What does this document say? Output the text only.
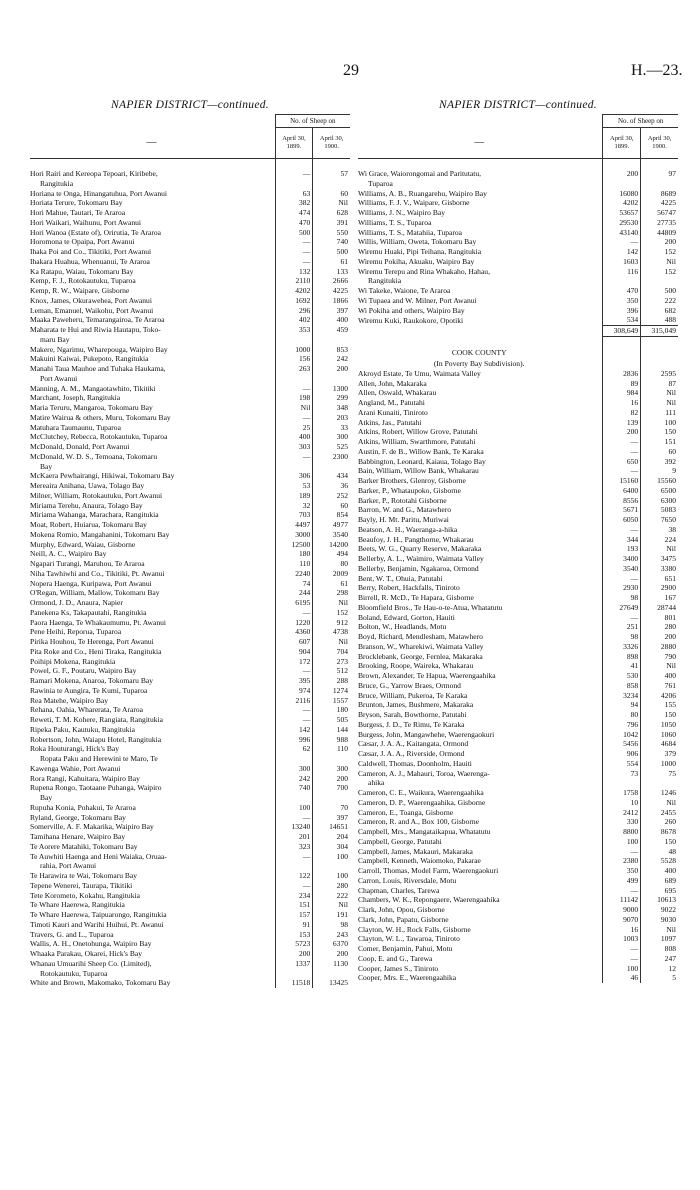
29	H.—23.
NAPIER DISTRICT—continued.
	No. of Sheep on	
—	April 30, 1899.	April 30, 1900.

Hori Rairi and Kereopa Tepoari, Kiribebe,	—	57
Rangitukia		
Horiana te Onga, Hinangatuhua, Port Awanui	63	60
Horiata Terure, Tokomaru Bay	382	Nil
Hori Mahue, Tautari, Te Araroa	474	628
Hori Waikari, Waihunu, Port Awanui	470	391
Hori Wanoa (Estate of), Orirutia, Te Araroa	500	550
Horomona te Opaipa, Port Awanui	—	740
Ihaka Poi and Co., Tikitiki, Port Awanui	—	500
Ihakara Huahua, Whenuanui, Te Araroa	—	61
Ka Ratapu, Waiau, Tokomaru Bay	132	133
Kemp, F. J., Rotokautuku, Tuparoa	2110	2666
Kemp, R. W., Waipare, Gisborne	4202	4225
Knox, James, Okurawehea, Port Awanui	1692	1866
Leman, Emanuel, Waikohu, Port Awanui	296	397
Maaka Paweheru, Temarangairoa, Te Araroa	402	400
Maharata te Hui and Riwia Hautapu, Toko-	353	459
maru Bay		
Makere, Ngarimu, Wharepouga, Waipiro Bay	1000	853
Makuini Kaiwai, Pukepoto, Rangitukia	156	242
Manahi Taua Mauhoe and Tuhaka Haukama,	263	200
Port Awanui		
Manning, A. M., Mangaotawhito, Tikitiki	—	1300
Marchant, Joseph, Rangitukia	198	299
Maria Teruru, Mangaroa, Tokomaru Bay	Nil	348
Matire Wairua & others, Muru, Tokomaru Bay	—	203
Matuhara Taumaunu, Tuparoa	25	33
McClutchey, Rebecca, Rotokautuku, Tuparoa	400	300
McDonald, Donald, Port Awanui	303	525
McDonald, W. D. S., Temoana, Tokomaru	—	2300
Bay		
McKaera Pewhairangi, Hikiwai, Tokomaru Bay	306	434
Mereaira Anihana, Uawa, Tolago Bay	53	36
Milner, William, Rotokautuku, Port Awanui	189	252
Miriama Terehu, Anaura, Tolago Bay	32	60
Miriama Wahanga, Marachara, Rangitukia	703	854
Moat, Robert, Huiarua, Tokomaru Bay	4497	4977
Mokena Romio, Mangahanini, Tokomaru Bay	3000	3540
Murphy, Edward, Waiau, Gisborne	12500	14200
Neill, A. C., Waipiro Bay	180	494
Ngapari Turangi, Maruhou, Te Araroa	110	80
Niha Tawhiwhi and Co., Tikitiki, Pt. Awanui	2240	2009
Nopera Haenga, Kuripawa, Port Awanui	74	61
O'Regan, William, Mallow, Tokomaru Bay	244	298
Ormond, J. D., Anaura, Napier	6195	Nil
Panekena Ks, Takapautahi, Rangitukia	—	152
Paora Haenga, Te Whakaumumu, Pt. Awanui	1220	912
Pene Heihi, Reporua, Tuparoa	4360	4738
Pirika Houhou, Te Herenga, Port Awanui	607	Nil
Pita Roke and Co., Heni Tiraka, Rangitukia	904	704
Poihipi Mokena, Rangitukia	172	273
Powel, G. F., Poutaru, Waipiro Bay	—	512
Ramari Mokena, Anaroa, Tokomaru Bay	395	288
Rawinia te Aungira, Te Kumi, Tuparoa	974	1274
Rea Matehe, Waipiro Bay	2116	1557
Rehana, Oahia, Wharerata, Te Araroa	—	180
Reweti, T. M. Kohere, Rangiata, Rangitukia	—	505
Ripeka Paku, Kautuku, Rangitukia	142	144
Robertson, John, Waiapu Hotel, Rangitukia	996	988
Roka Houturangi, Hick's Bay	62	110
Ropata Paku and Herewini te Maro, Te		
Kawenga Wahie, Port Awanui	300	300
Rora Rangi, Kahuitara, Waipiro Bay	242	200
Rupena Rongo, Taotaane Puhanga, Waipiro	740	700
Bay		
Rupuha Konia, Pohakui, Te Araroa	100	70
Ryland, George, Tokomaru Bay	—	397
Somerville, A. F. Makarika, Waipiro Bay	13240	14651
Tamihana Henare, Waipiro Bay	201	204
Te Aorere Matahiki, Tokomaru Bay	323	304
Te Auwhiti Haenga and Heni Waiaka, Oruaa-	—	100
rahia, Port Awanui		
Te Harawira te Wai, Tokomaru Bay	122	100
Tepene Wenerei, Taurapa, Tikitiki	—	280
Tete Korometo, Kokahu, Rangitukia	234	222
Te Whare Haerewa, Rangitukia	151	Nil
Te Whare Haerewa, Taipuarongo, Rangitukia	157	191
Timoti Kauri and Warihi Huihui, Pt. Awanui	91	98
Travers, G. and L., Tuparoa	153	243
Wallis, A. H., Onetohunga, Waipiro Bay	5723	6370
Whaaka Parakau, Okarei, Hick's Bay	200	200
Whanau Umuarihi Sheep Co. (Limited),	1337	1130
Rotokautuku, Tuparoa		
White and Brown, Makomako, Tokomaru Bay	11518	13425
NAPIER DISTRICT—continued.
	No. of Sheep on	
—	April 30, 1899.	April 30, 1900.

Wi Grace, Waiorongomai and Paritutatu,	200	97
Tuparoa		
Williams, A. B., Ruangarehu, Waipiro Bay	16080	8689
Williams, F. J. V., Waipare, Gisborne	4202	4225
Williams, J. N., Waipiro Bay	53657	56747
Williams, T. S., Tuparoa	29530	27735
Williams, T. S., Matahiia, Tuparoa	43140	44809
Willis, William, Oweta, Tokomaru Bay	—	200
Wiremu Huaki, Pipi Teihana, Rangitukia	142	152
Wiremu Pokiha, Akuaku, Waipiro Bay	1603	Nil
Wiremu Terepu and Rina Whakaho, Hahau,	116	152
Rangitukia		
Wi Takeke, Waione, Te Araroa	470	500
Wi Tupaea and W. Milner, Port Awanui	350	222
Wi Pokiha and others, Waipiro Bay	396	682
Wiremu Kuki, Raukokore, Opotiki	534	488
	308,649	315,049

COOK COUNTY		
(In Poverty Bay Subdivision).		
Akroyd Estate, Te Umu, Waimata Valley	2836	2595
Allen, John, Makaraka	89	87
Allen, Oswald, Whakarau	984	Nil
Angland, M., Patutahi	16	Nil
Arani Kunaiti, Tiniroto	82	111
Atkins, Jas., Patutahi	139	100
Atkins, Robert, Willow Grove, Patutahi	200	150
Atkins, William, Swarthmore, Patutahi	—	151
Austin, F. de B., Willow Bank, Te Karaka	—	60
Babbington, Leonard, Kaiaua, Tolago Bay	650	392
Bain, William, Willow Bank, Whakarau	—	9
Barker Brothers, Glenroy, Gisborne	15160	15560
Barker, P., Whataupoko, Gisborne	6400	6500
Barker, P., Rototahi Gisborne	8556	6300
Barron, W. and G., Matawhero	5671	5083
Bayly, H. Mt. Paritu, Muriwai	6050	7650
Beatson, A. H., Waeranga-a-hika	—	38
Beaufoy, J. H., Pangthorne, Whakarau	344	224
Beets, W. G., Quarry Reserve, Makaraka	193	Nil
Bellerby, A. L., Waimiro, Waimata Valley	3400	3475
Bellerby, Benjamin, Ngakaroa, Ormond	3540	3380
Bent, W. T., Ohuia, Patutahi	—	651
Berry, Robert, Hackfalls, Tiniroto	2930	2900
Birrell, R. McD., Te Hapara, Gisborne	98	167
Bloomfield Bros., Te Hau-o-te-Atua, Whatatutu	27649	28744
Boland, Edward, Gorton, Hauiti	—	801
Bolton, W., Headlands, Motu	251	280
Boyd, Richard, Mendlesham, Matawhero	98	200
Branson, W., Wharekiwi, Waimata Valley	3326	2880
Brocklebank, George, Fernlea, Makaraka	898	790
Brooking, Roope, Waireka, Whakarau	41	Nil
Brown, Alexander, Te Hapua, Waerengaahika	530	400
Bruce, G., Yarrow Braes, Ormond	858	761
Bruce, William, Pukeroa, Te Karaka	3234	4206
Brunton, James, Bushmere, Makaraka	94	155
Bryson, Sarah, Bowthorne, Patutahi	80	150
Burgess, J. D., Te Rimu, Te Karaka	796	1050
Burgess, John, Mangawhehe, Waerengaokuri	1042	1060
Cæsar, J. A. A., Kaitangata, Ormond	5456	4684
Cæsar, J. A. A., Riverside, Ormond	906	379
Caldwell, Thomas, Doonholm, Hauiti	554	1000
Cameron, A. J., Mahauri, Toroa, Waerenga-	73	75
ahika		
Cameron, C. E., Waikura, Waerengaahika	1758	1246
Cameron, D. P., Waerengaahika, Gisborne	10	Nil
Cameron, E., Toanga, Gisborne	2412	2455
Cameron, R. and A., Box 100, Gisborne	330	260
Campbell, Mrs., Mangataikapua, Whatatutu	8800	8678
Campbell, George, Patutahi	100	150
Campbell, James, Makauri, Makaraka	—	48
Campbell, Kenneth, Waiomoko, Pakarae	2380	5528
Carroll, Thomas, Model Farm, Waerengaokuri	350	400
Carron, Louis, Riversdale, Motu	499	689
Chapman, Charles, Tarewa	—	695
Chambers, W. K., Repongaere, Waerengaahika	11142	10613
Clark, John, Opou, Gisborne	9000	9022
Clark, John, Papatu, Gisborne	9070	9030
Clayton, W. H., Rock Falls, Gisborne	16	Nil
Clayton, W. L., Tawaroa, Tiniroto	1003	1097
Comer, Benjamin, Pahui, Motu	—	808
Coop, E. and G., Tarewa	—	247
Cooper, James S., Tiniroto	100	12
Cooper, Mrs. E., Waerengaahika	46	5
